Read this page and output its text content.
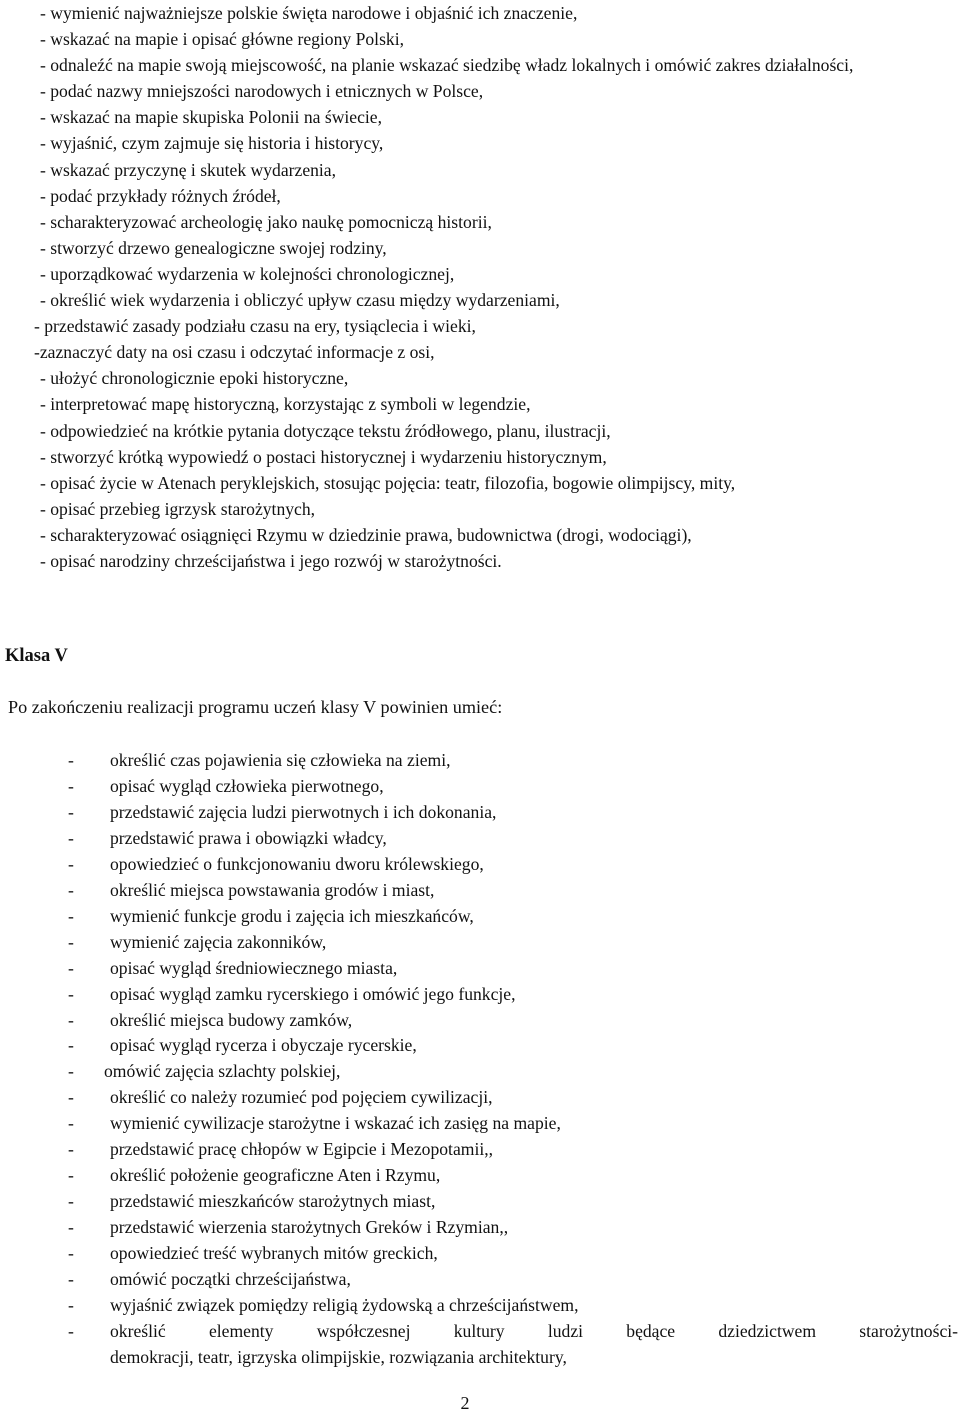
- wymienić najważniejsze polskie święta narodowe i objaśnić ich znaczenie,
- wskazać na mapie i opisać główne regiony Polski,
- odnaleźć na mapie swoją miejscowość, na planie wskazać siedzibę władz lokalnych i omówić zakres działalności,
- podać nazwy mniejszości narodowych i etnicznych w Polsce,
- wskazać na mapie skupiska Polonii na świecie,
- wyjaśnić, czym zajmuje się historia i historycy,
- wskazać przyczynę i skutek wydarzenia,
- podać przykłady różnych źródeł,
- scharakteryzować archeologię jako naukę pomocniczą historii,
- stworzyć drzewo genealogiczne swojej rodziny,
- uporządkować wydarzenia w kolejności chronologicznej,
- określić wiek wydarzenia i obliczyć upływ czasu między wydarzeniami,
- przedstawić zasady podziału czasu na ery, tysiąclecia i wieki,
-zaznaczyć daty na osi czasu i odczytać informacje z osi,
- ułożyć chronologicznie epoki historyczne,
- interpretować mapę historyczną, korzystając z symboli w legendzie,
- odpowiedzieć na krótkie pytania dotyczące tekstu źródłowego, planu, ilustracji,
- stworzyć krótką wypowiedź o postaci historycznej i wydarzeniu historycznym,
- opisać życie w Atenach peryklejskich, stosując pojęcia: teatr, filozofia, bogowie olimpijscy, mity,
- opisać przebieg igrzysk starożytnych,
- scharakteryzować osiągnięci Rzymu w dziedzinie prawa, budownictwa (drogi, wodociągi),
- opisać narodziny chrześcijaństwa i jego rozwój w starożytności.
Klasa V

Po zakończeniu realizacji programu uczeń klasy V powinien umieć:

- określić czas pojawienia się człowieka na ziemi,
- opisać wygląd człowieka pierwotnego,
- przedstawić zajęcia ludzi pierwotnych i ich dokonania,
- przedstawić prawa i obowiązki władcy,
- opowiedzieć o funkcjonowaniu dworu królewskiego,
- określić miejsca powstawania grodów i miast,
- wymienić funkcje grodu i zajęcia ich mieszkańców,
- wymienić zajęcia zakonników,
- opisać wygląd średniowiecznego miasta,
- opisać wygląd zamku rycerskiego i omówić jego funkcje,
- określić miejsca budowy zamków,
- opisać wygląd rycerza i obyczaje rycerskie,
- omówić zajęcia szlachty polskiej,
- określić co należy rozumieć pod pojęciem cywilizacji,
- wymienić cywilizacje starożytne i wskazać ich zasięg na mapie,
- przedstawić pracę chłopów w Egipcie i Mezopotamii,,
- określić położenie geograficzne Aten i Rzymu,
- przedstawić mieszkańców starożytnych miast,
- przedstawić wierzenia starożytnych Greków i Rzymian,,
- opowiedzieć treść wybranych mitów greckich,
- omówić początki chrześcijaństwa,
- wyjaśnić związek pomiędzy religią żydowską a chrześcijaństwem,
- określić elementy współczesnej kultury ludzi będące dziedzictwem starożytności-
demokracji, teatr, igrzyska olimpijskie, rozwiązania architektury,

2
